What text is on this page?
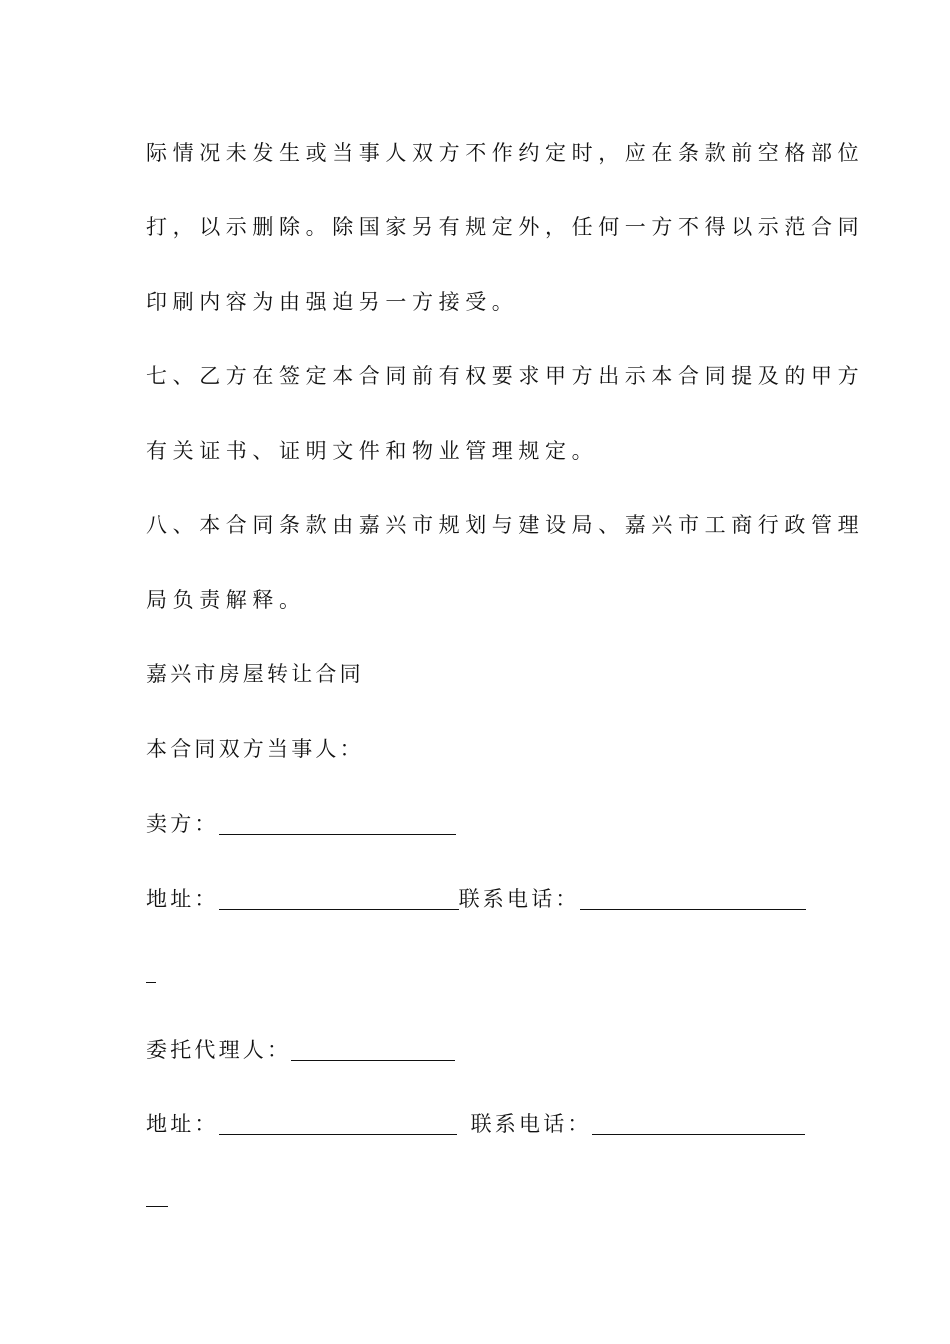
际情况未发生或当事人双方不作约定时，应在条款前空格部位
打，以示删除。除国家另有规定外，任何一方不得以示范合同
印刷内容为由强迫另一方接受。
七、乙方在签定本合同前有权要求甲方出示本合同提及的甲方
有关证书、证明文件和物业管理规定。
八、本合同条款由嘉兴市规划与建设局、嘉兴市工商行政管理
局负责解释。
嘉兴市房屋转让合同
本合同双方当事人：
卖方：
地址：	联系电话：
委托代理人：
地址：	联系电话：
